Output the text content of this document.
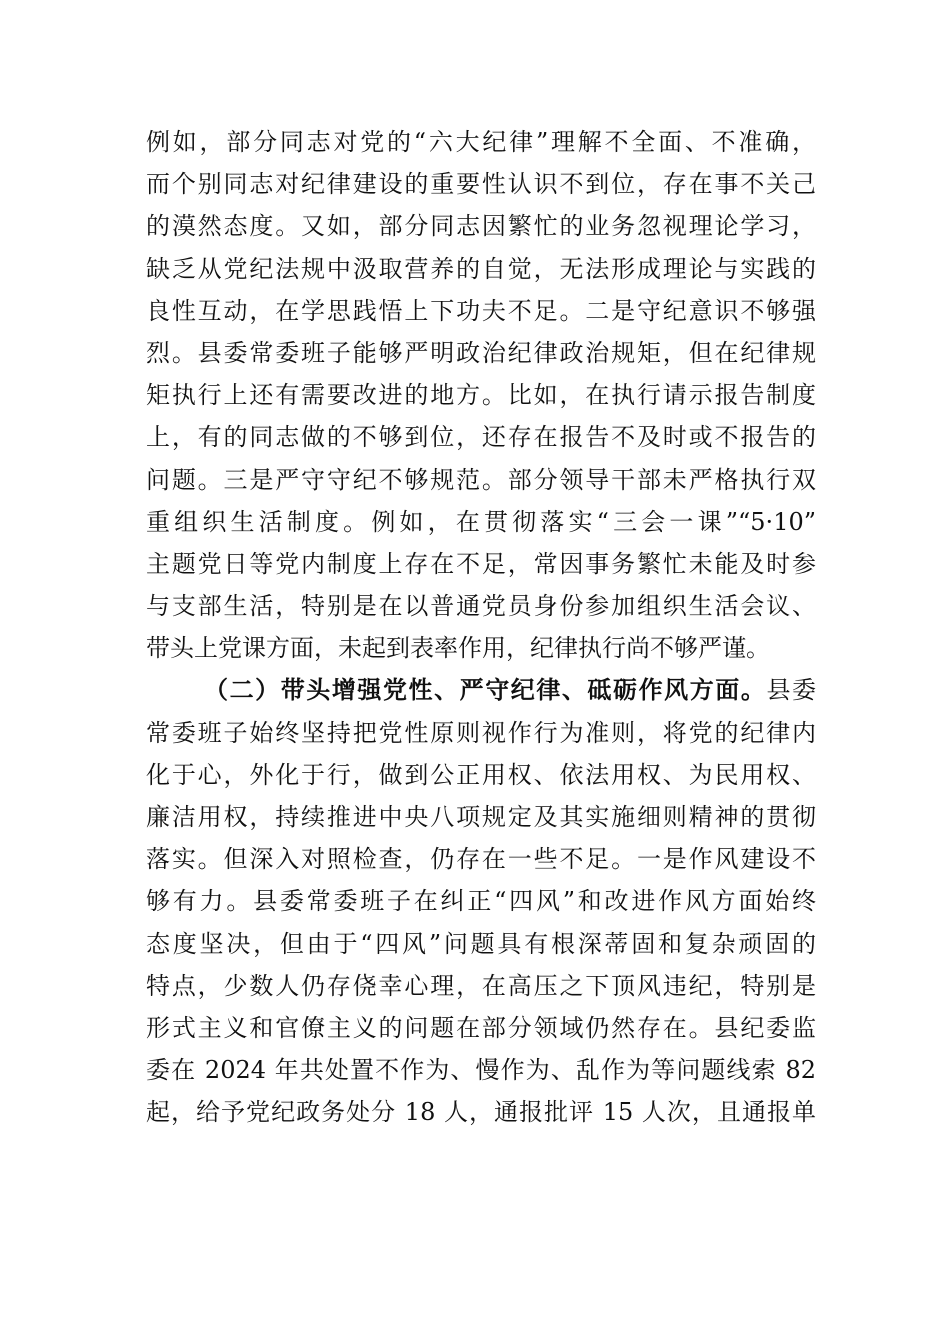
例如，部分同志对党的“六大纪律”理解不全面、不准确，
而个别同志对纪律建设的重要性认识不到位，存在事不关己
的漠然态度。又如，部分同志因繁忙的业务忽视理论学习，
缺乏从党纪法规中汲取营养的自觉，无法形成理论与实践的
良性互动，在学思践悟上下功夫不足。二是守纪意识不够强
烈。县委常委班子能够严明政治纪律政治规矩，但在纪律规
矩执行上还有需要改进的地方。比如，在执行请示报告制度
上，有的同志做的不够到位，还存在报告不及时或不报告的
问题。三是严守守纪不够规范。部分领导干部未严格执行双
重组织生活制度。例如，在贯彻落实“三会一课”“5·10”
主题党日等党内制度上存在不足，常因事务繁忙未能及时参
与支部生活，特别是在以普通党员身份参加组织生活会议、
带头上党课方面，未起到表率作用，纪律执行尚不够严谨。
（二）带头增强党性、严守纪律、砥砺作风方面。县委
常委班子始终坚持把党性原则视作行为准则，将党的纪律内
化于心，外化于行，做到公正用权、依法用权、为民用权、
廉洁用权，持续推进中央八项规定及其实施细则精神的贯彻
落实。但深入对照检查，仍存在一些不足。一是作风建设不
够有力。县委常委班子在纠正“四风”和改进作风方面始终
态度坚决，但由于“四风”问题具有根深蒂固和复杂顽固的
特点，少数人仍存侥幸心理，在高压之下顶风违纪，特别是
形式主义和官僚主义的问题在部分领域仍然存在。县纪委监
委在 2024 年共处置不作为、慢作为、乱作为等问题线索 82
起，给予党纪政务处分 18 人，通报批评 15 人次，且通报单
